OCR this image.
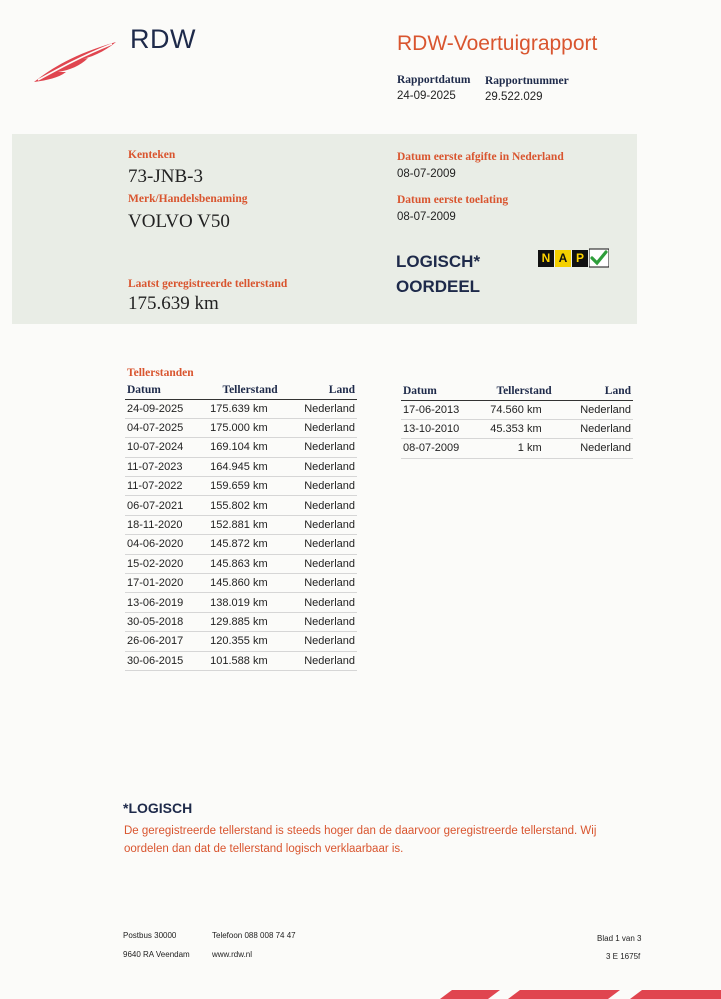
RDW	RDW-Voertuigrapport
Rapportdatum
24-09-2025
Rapportnummer
29.522.029
Kenteken
73-JNB-3
Merk/Handelsbenaming
VOLVO V50
Laatst geregistreerde tellerstand
175.639 km
Datum eerste afgifte in Nederland
08-07-2009
Datum eerste toelating
08-07-2009
LOGISCH*
OORDEEL
N A P
Tellerstanden
Datum	Tellerstand	Land
24-09-2025	175.639 km	Nederland
04-07-2025	175.000 km	Nederland
10-07-2024	169.104 km	Nederland
11-07-2023	164.945 km	Nederland
11-07-2022	159.659 km	Nederland
06-07-2021	155.802 km	Nederland
18-11-2020	152.881 km	Nederland
04-06-2020	145.872 km	Nederland
15-02-2020	145.863 km	Nederland
17-01-2020	145.860 km	Nederland
13-06-2019	138.019 km	Nederland
30-05-2018	129.885 km	Nederland
26-06-2017	120.355 km	Nederland
30-06-2015	101.588 km	Nederland
Datum	Tellerstand	Land
17-06-2013	74.560 km	Nederland
13-10-2010	45.353 km	Nederland
08-07-2009	1 km	Nederland
*LOGISCH
De geregistreerde tellerstand is steeds hoger dan de daarvoor geregistreerde tellerstand. Wij oordelen dan dat de tellerstand logisch verklaarbaar is.
Postbus 30000
9640 RA Veendam
Telefoon 088 008 74 47
www.rdw.nl
Blad 1 van 3
3 E 1675f
